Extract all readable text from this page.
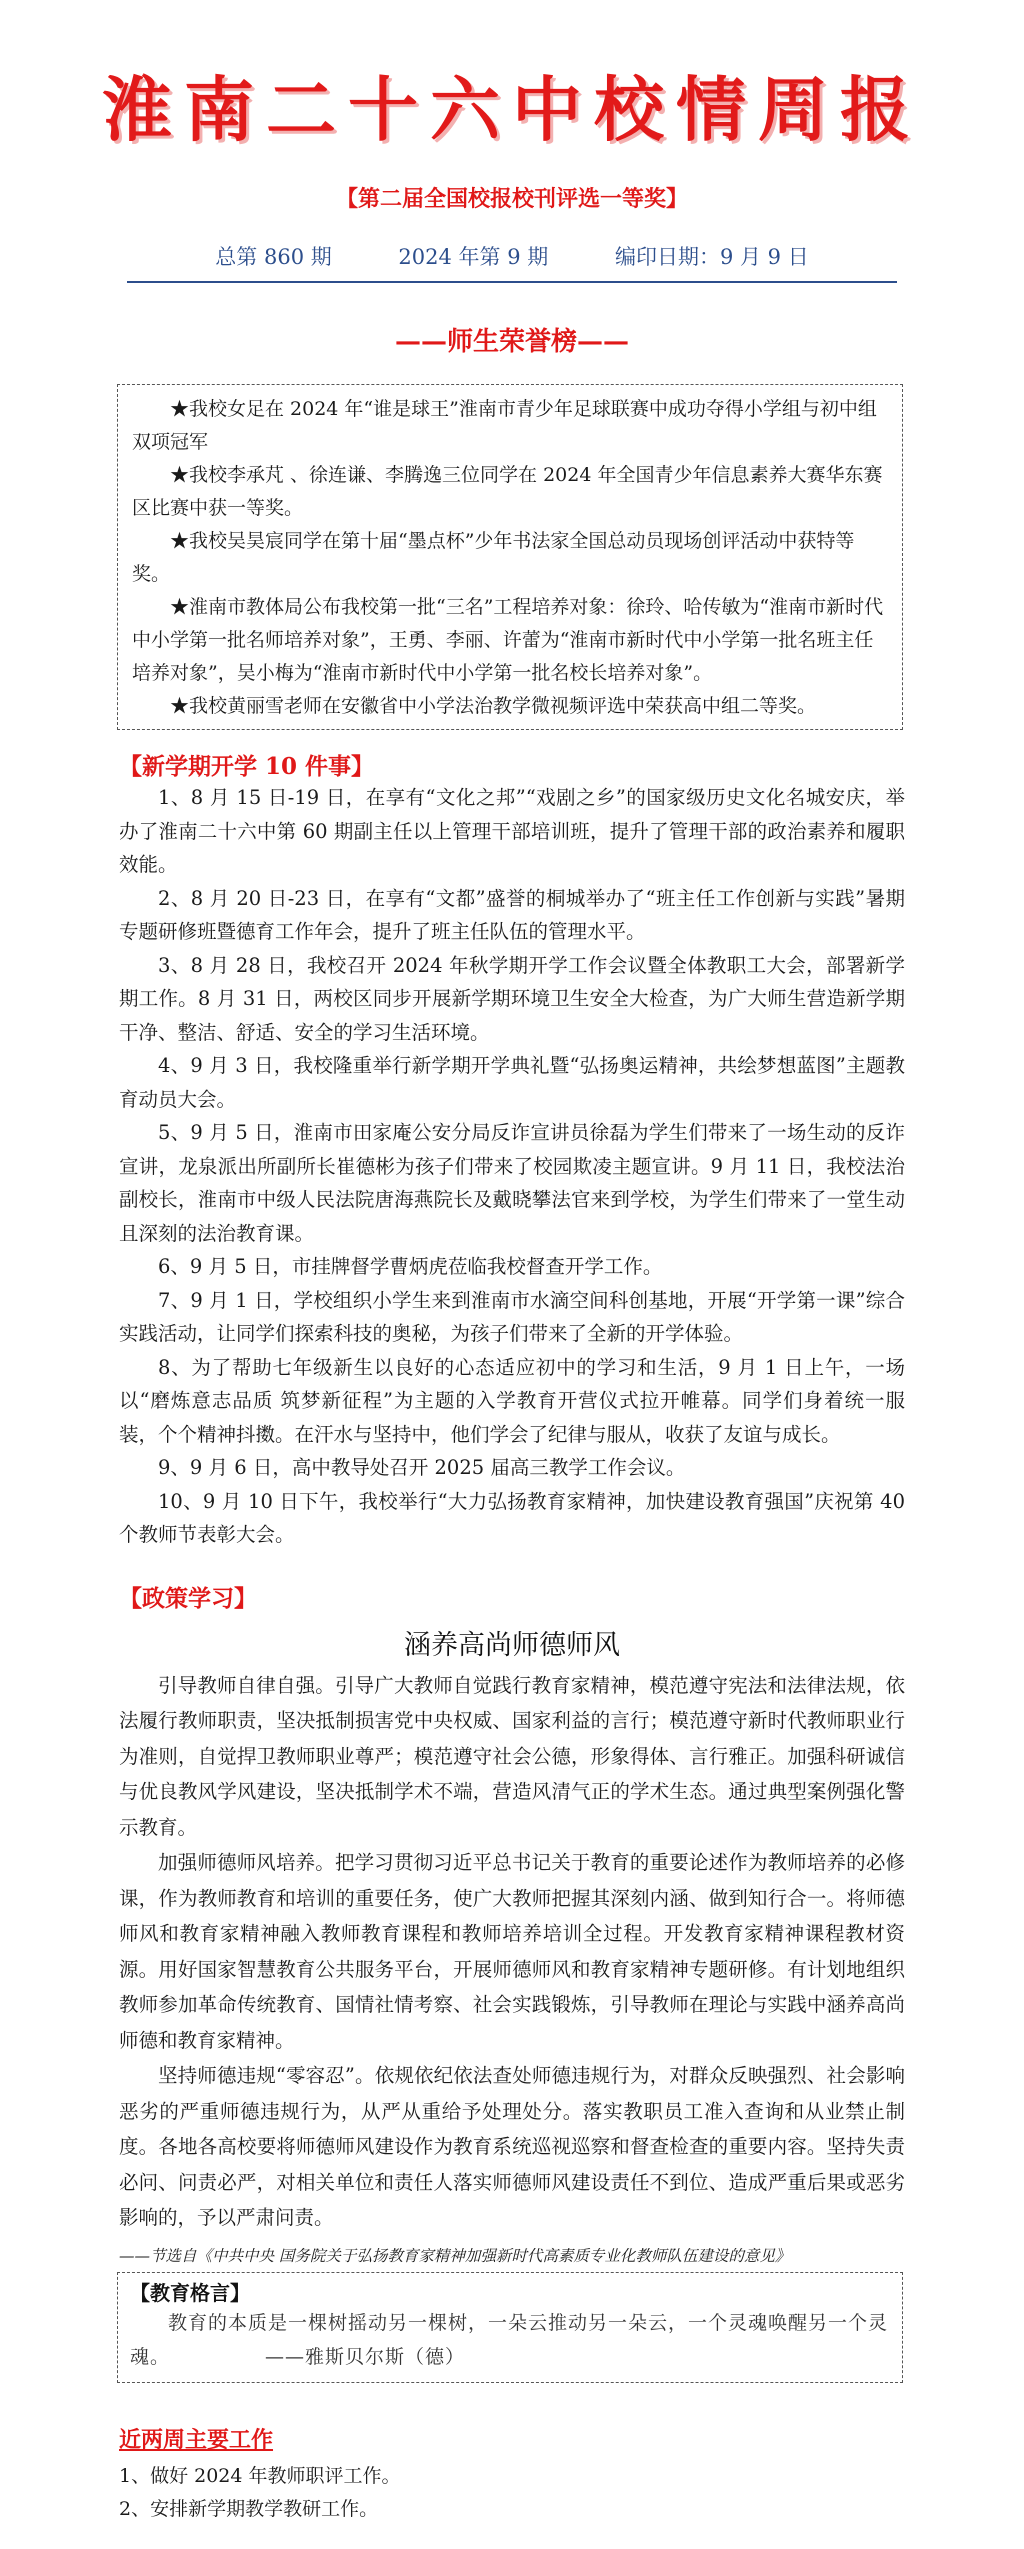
淮南二十六中校情周报
【第二届全国校报校刊评选一等奖】
总第 860 期	2024 年第 9 期	编印日期：9 月 9 日
——师生荣誉榜——

★我校女足在 2024 年“谁是球王”淮南市青少年足球联赛中成功夺得小学组与初中组双项冠军

★我校李承芃 、徐连谦、李腾逸三位同学在 2024 年全国青少年信息素养大赛华东赛区比赛中获一等奖。

★我校吴昊宸同学在第十届“墨点杯”少年书法家全国总动员现场创评活动中获特等奖。

★淮南市教体局公布我校第一批“三名”工程培养对象：徐玲、哈传敏为“淮南市新时代中小学第一批名师培养对象”，王勇、李丽、许蕾为“淮南市新时代中小学第一批名班主任培养对象”，吴小梅为“淮南市新时代中小学第一批名校长培养对象”。

★我校黄丽雪老师在安徽省中小学法治教学微视频评选中荣获高中组二等奖。

【新学期开学 10 件事】

1、8 月 15 日-19 日，在享有“文化之邦”“戏剧之乡”的国家级历史文化名城安庆，举办了淮南二十六中第 60 期副主任以上管理干部培训班，提升了管理干部的政治素养和履职效能。

2、8 月 20 日-23 日，在享有“文都”盛誉的桐城举办了“班主任工作创新与实践”暑期专题研修班暨德育工作年会，提升了班主任队伍的管理水平。

3、8 月 28 日，我校召开 2024 年秋学期开学工作会议暨全体教职工大会，部署新学期工作。8 月 31 日，两校区同步开展新学期环境卫生安全大检查，为广大师生营造新学期干净、整洁、舒适、安全的学习生活环境。

4、9 月 3 日，我校隆重举行新学期开学典礼暨“弘扬奥运精神，共绘梦想蓝图”主题教育动员大会。

5、9 月 5 日，淮南市田家庵公安分局反诈宣讲员徐磊为学生们带来了一场生动的反诈宣讲，龙泉派出所副所长崔德彬为孩子们带来了校园欺凌主题宣讲。9 月 11 日，我校法治副校长，淮南市中级人民法院唐海燕院长及戴晓攀法官来到学校，为学生们带来了一堂生动且深刻的法治教育课。

6、9 月 5 日，市挂牌督学曹炳虎莅临我校督查开学工作。

7、9 月 1 日，学校组织小学生来到淮南市水滴空间科创基地，开展“开学第一课”综合实践活动，让同学们探索科技的奥秘，为孩子们带来了全新的开学体验。

8、为了帮助七年级新生以良好的心态适应初中的学习和生活，9 月 1 日上午，一场以“磨炼意志品质 筑梦新征程”为主题的入学教育开营仪式拉开帷幕。同学们身着统一服装，个个精神抖擞。在汗水与坚持中，他们学会了纪律与服从，收获了友谊与成长。

9、9 月 6 日，高中教导处召开 2025 届高三教学工作会议。

10、9 月 10 日下午，我校举行“大力弘扬教育家精神，加快建设教育强国”庆祝第 40 个教师节表彰大会。

【政策学习】
涵养高尚师德师风

引导教师自律自强。引导广大教师自觉践行教育家精神，模范遵守宪法和法律法规，依法履行教师职责，坚决抵制损害党中央权威、国家利益的言行；模范遵守新时代教师职业行为准则，自觉捍卫教师职业尊严；模范遵守社会公德，形象得体、言行雅正。加强科研诚信与优良教风学风建设，坚决抵制学术不端，营造风清气正的学术生态。通过典型案例强化警示教育。

加强师德师风培养。把学习贯彻习近平总书记关于教育的重要论述作为教师培养的必修课，作为教师教育和培训的重要任务，使广大教师把握其深刻内涵、做到知行合一。将师德师风和教育家精神融入教师教育课程和教师培养培训全过程。开发教育家精神课程教材资源。用好国家智慧教育公共服务平台，开展师德师风和教育家精神专题研修。有计划地组织教师参加革命传统教育、国情社情考察、社会实践锻炼，引导教师在理论与实践中涵养高尚师德和教育家精神。

坚持师德违规“零容忍”。依规依纪依法查处师德违规行为，对群众反映强烈、社会影响恶劣的严重师德违规行为，从严从重给予处理处分。落实教职员工准入查询和从业禁止制度。各地各高校要将师德师风建设作为教育系统巡视巡察和督查检查的重要内容。坚持失责必问、问责必严，对相关单位和责任人落实师德师风建设责任不到位、造成严重后果或恶劣影响的，予以严肃问责。

——节选自《中共中央 国务院关于弘扬教育家精神加强新时代高素质专业化教师队伍建设的意见》
【教育格言】
教育的本质是一棵树摇动另一棵树，一朵云推动另一朵云，一个灵魂唤醒另一个灵魂。	——雅斯贝尔斯（德）
近两周主要工作
1、做好 2024 年教师职评工作。
2、安排新学期教学教研工作。
